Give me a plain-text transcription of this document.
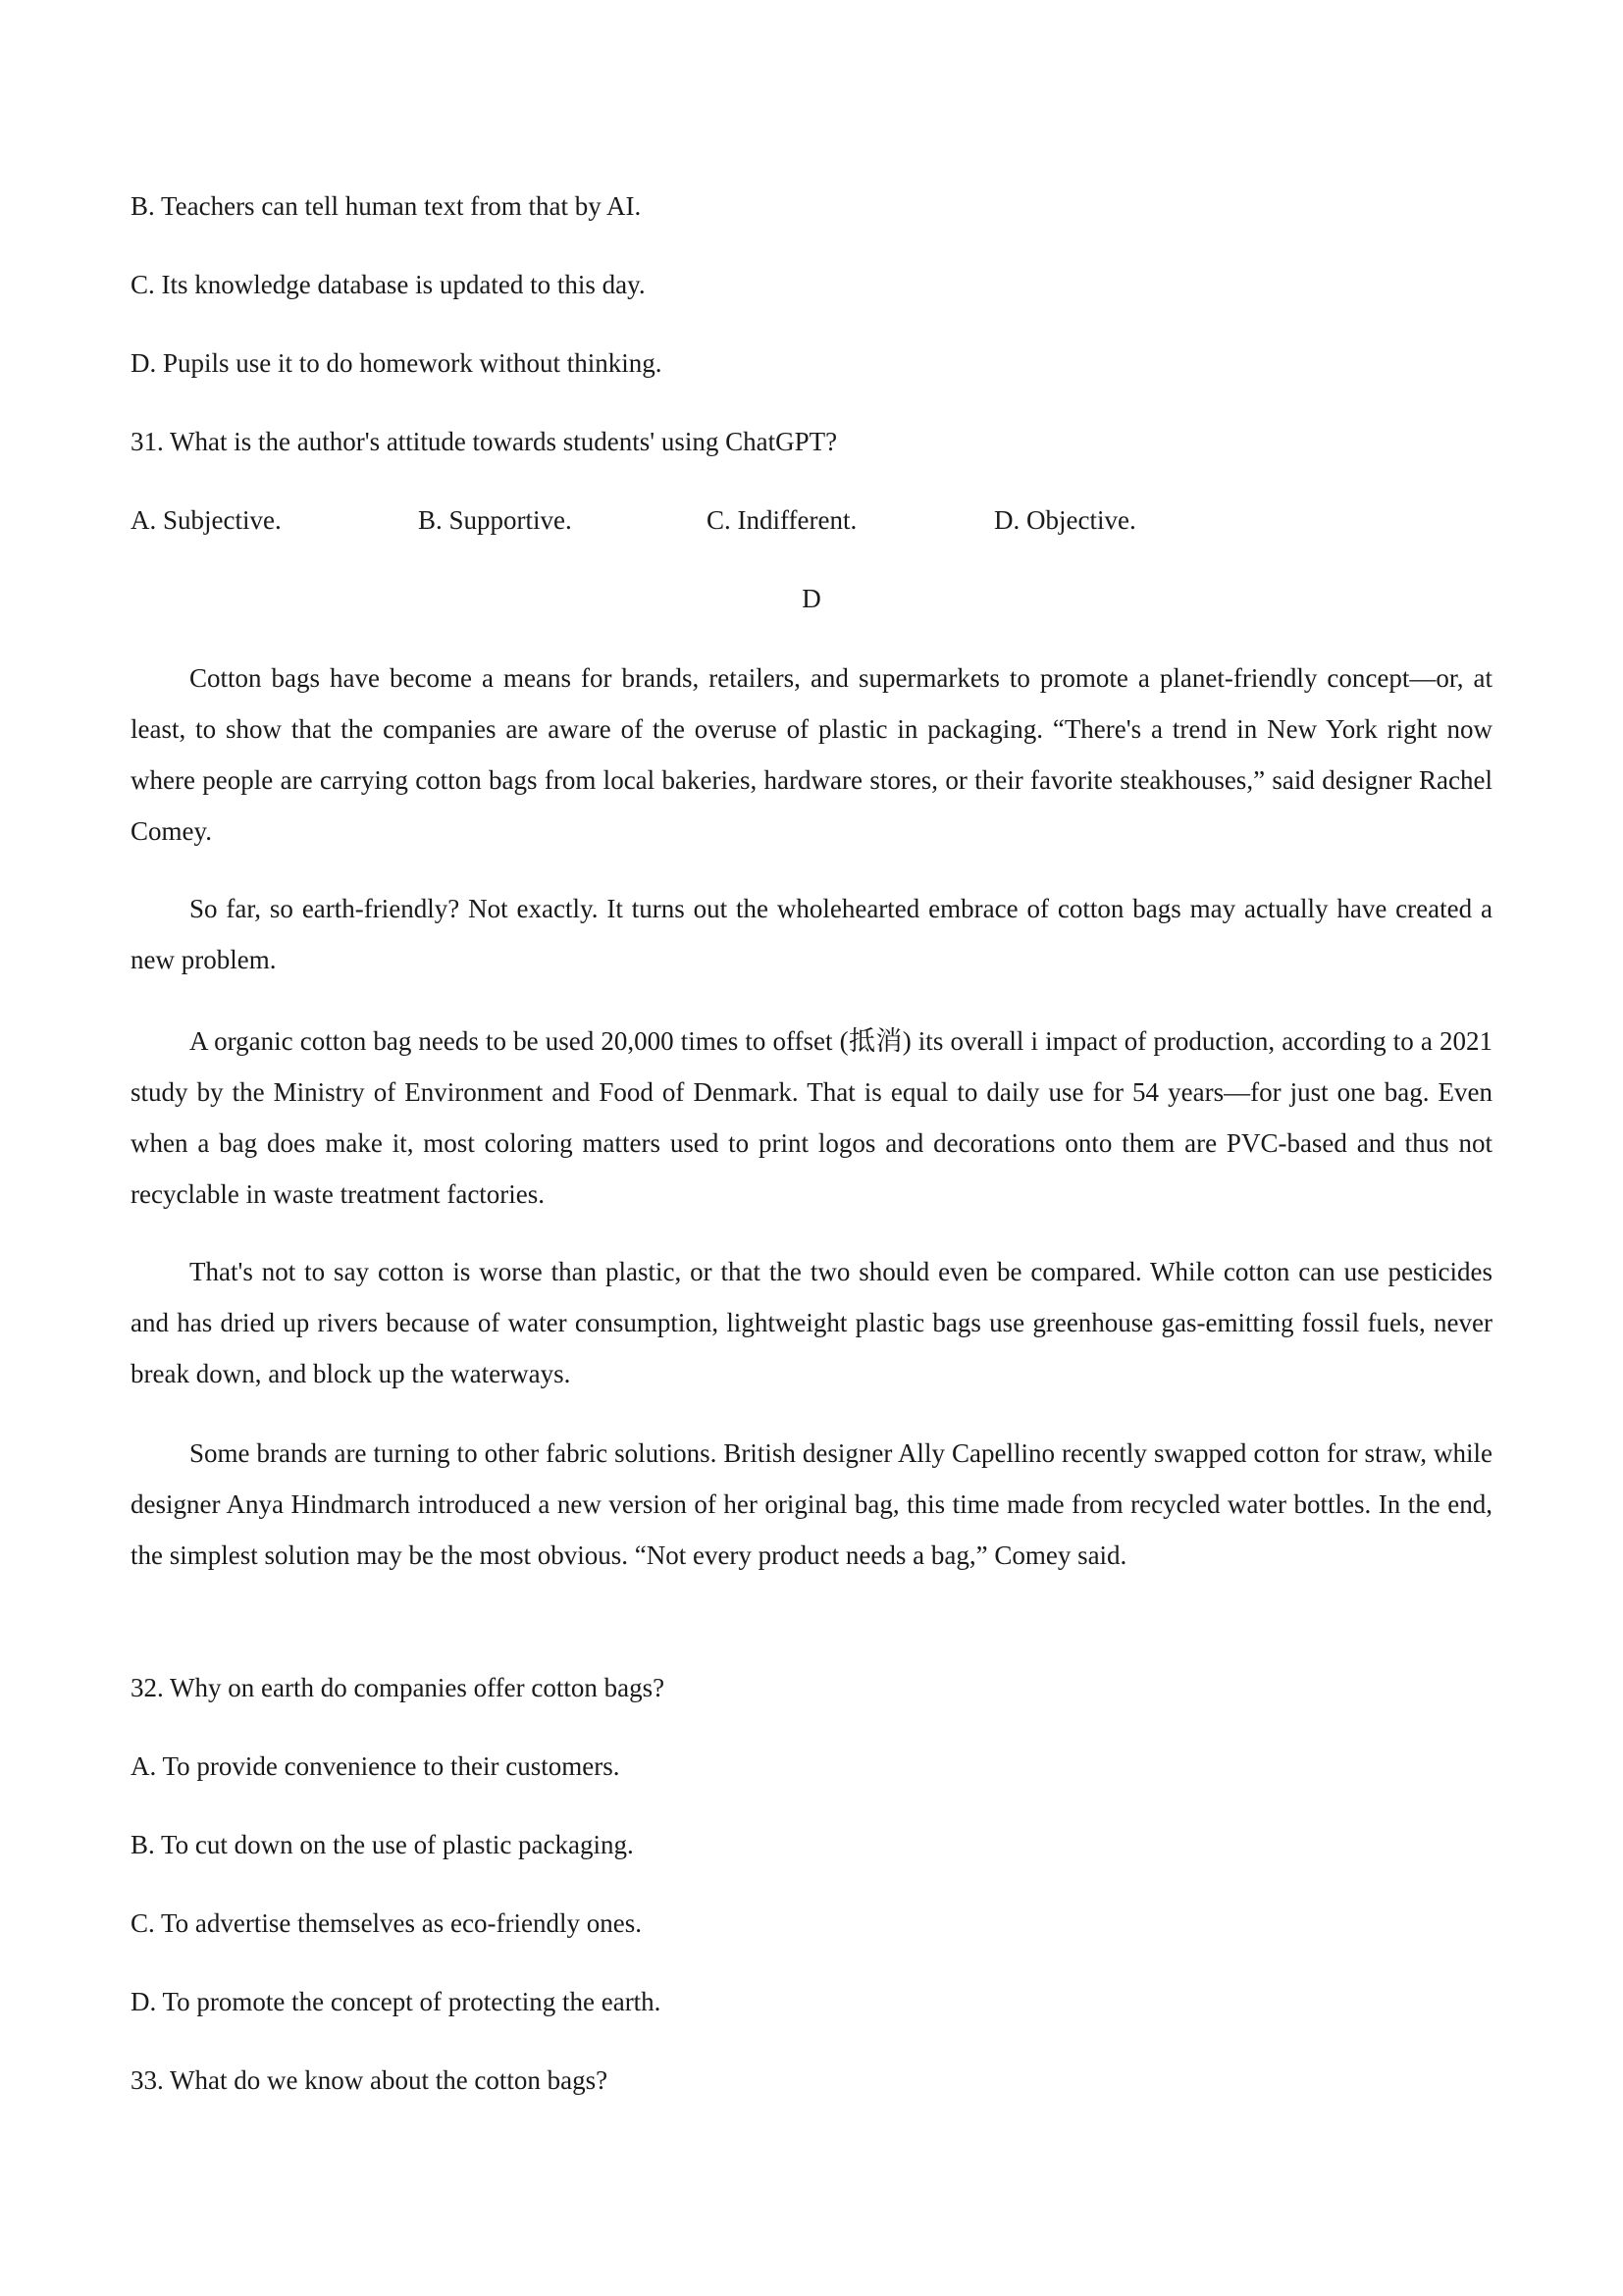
B. Teachers can tell human text from that by AI.
C. Its knowledge database is updated to this day.
D. Pupils use it to do homework without thinking.
31. What is the author's attitude towards students' using ChatGPT?
A. Subjective.	B. Supportive.	C. Indifferent.	D. Objective.
D

Cotton bags have become a means for brands, retailers, and supermarkets to promote a planet-friendly concept—or, at least, to show that the companies are aware of the overuse of plastic in packaging. “There's a trend in New York right now where people are carrying cotton bags from local bakeries, hardware stores, or their favorite steakhouses,” said designer Rachel Comey.

So far, so earth-friendly? Not exactly. It turns out the wholehearted embrace of cotton bags may actually have created a new problem.

A organic cotton bag needs to be used 20,000 times to offset (抵消) its overall i impact of production, according to a 2021 study by the Ministry of Environment and Food of Denmark. That is equal to daily use for 54 years—for just one bag. Even when a bag does make it, most coloring matters used to print logos and decorations onto them are PVC-based and thus not recyclable in waste treatment factories.

That's not to say cotton is worse than plastic, or that the two should even be compared. While cotton can use pesticides and has dried up rivers because of water consumption, lightweight plastic bags use greenhouse gas-emitting fossil fuels, never break down, and block up the waterways.

Some brands are turning to other fabric solutions. British designer Ally Capellino recently swapped cotton for straw, while designer Anya Hindmarch introduced a new version of her original bag, this time made from recycled water bottles. In the end, the simplest solution may be the most obvious. “Not every product needs a bag,” Comey said.

32. Why on earth do companies offer cotton bags?
A. To provide convenience to their customers.
B. To cut down on the use of plastic packaging.
C. To advertise themselves as eco-friendly ones.
D. To promote the concept of protecting the earth.
33. What do we know about the cotton bags?
